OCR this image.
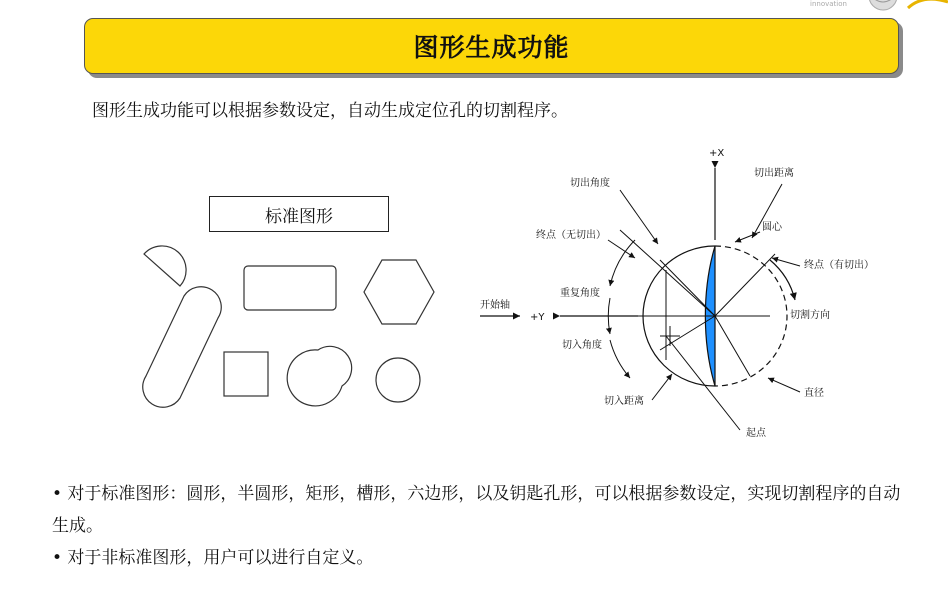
innovation
图形生成功能
图形生成功能可以根据参数设定，自动生成定位孔的切割程序。
标准图形
+X
+Y
开始轴
切出角度
切出距离
圆心
终点（无切出）
终点（有切出）
重复角度
切割方向
切入角度
直径
切入距离
起点

• 对于标准图形：圆形，半圆形，矩形，槽形，六边形，以及钥匙孔形，可以根据参数设定，实现切割程序的自动生成。

• 对于非标准图形，用户可以进行自定义。
